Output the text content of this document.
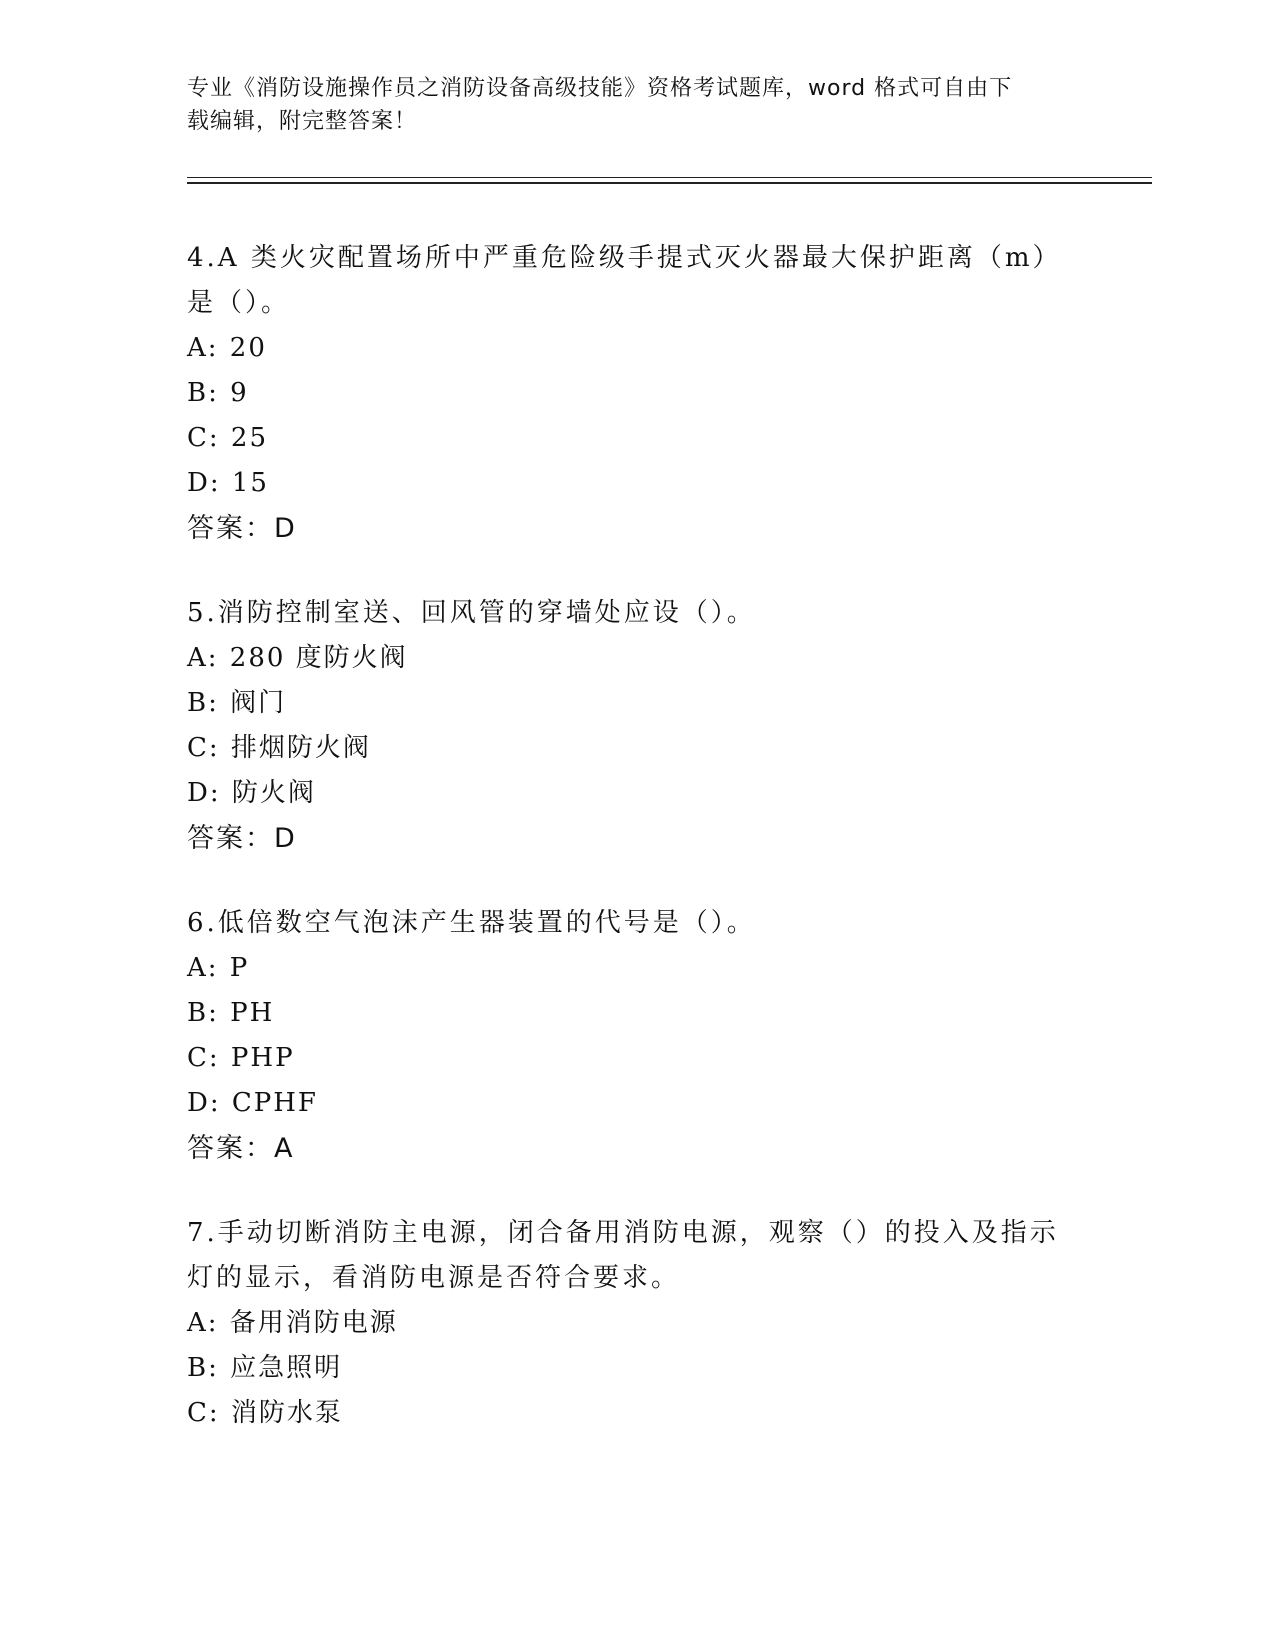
专业《消防设施操作员之消防设备高级技能》资格考试题库，word 格式可自由下
载编辑，附完整答案！
4.A 类火灾配置场所中严重危险级手提式灭火器最大保护距离（m）是（）。
A: 20
B: 9
C: 25
D: 15
答案：D
5.消防控制室送、回风管的穿墙处应设（）。
A: 280 度防火阀
B: 阀门
C: 排烟防火阀
D: 防火阀
答案：D
6.低倍数空气泡沫产生器装置的代号是（）。
A: P
B: PH
C: PHP
D: CPHF
答案：A
7.手动切断消防主电源，闭合备用消防电源，观察（）的投入及指示灯的显示，看消防电源是否符合要求。
A: 备用消防电源
B: 应急照明
C: 消防水泵
